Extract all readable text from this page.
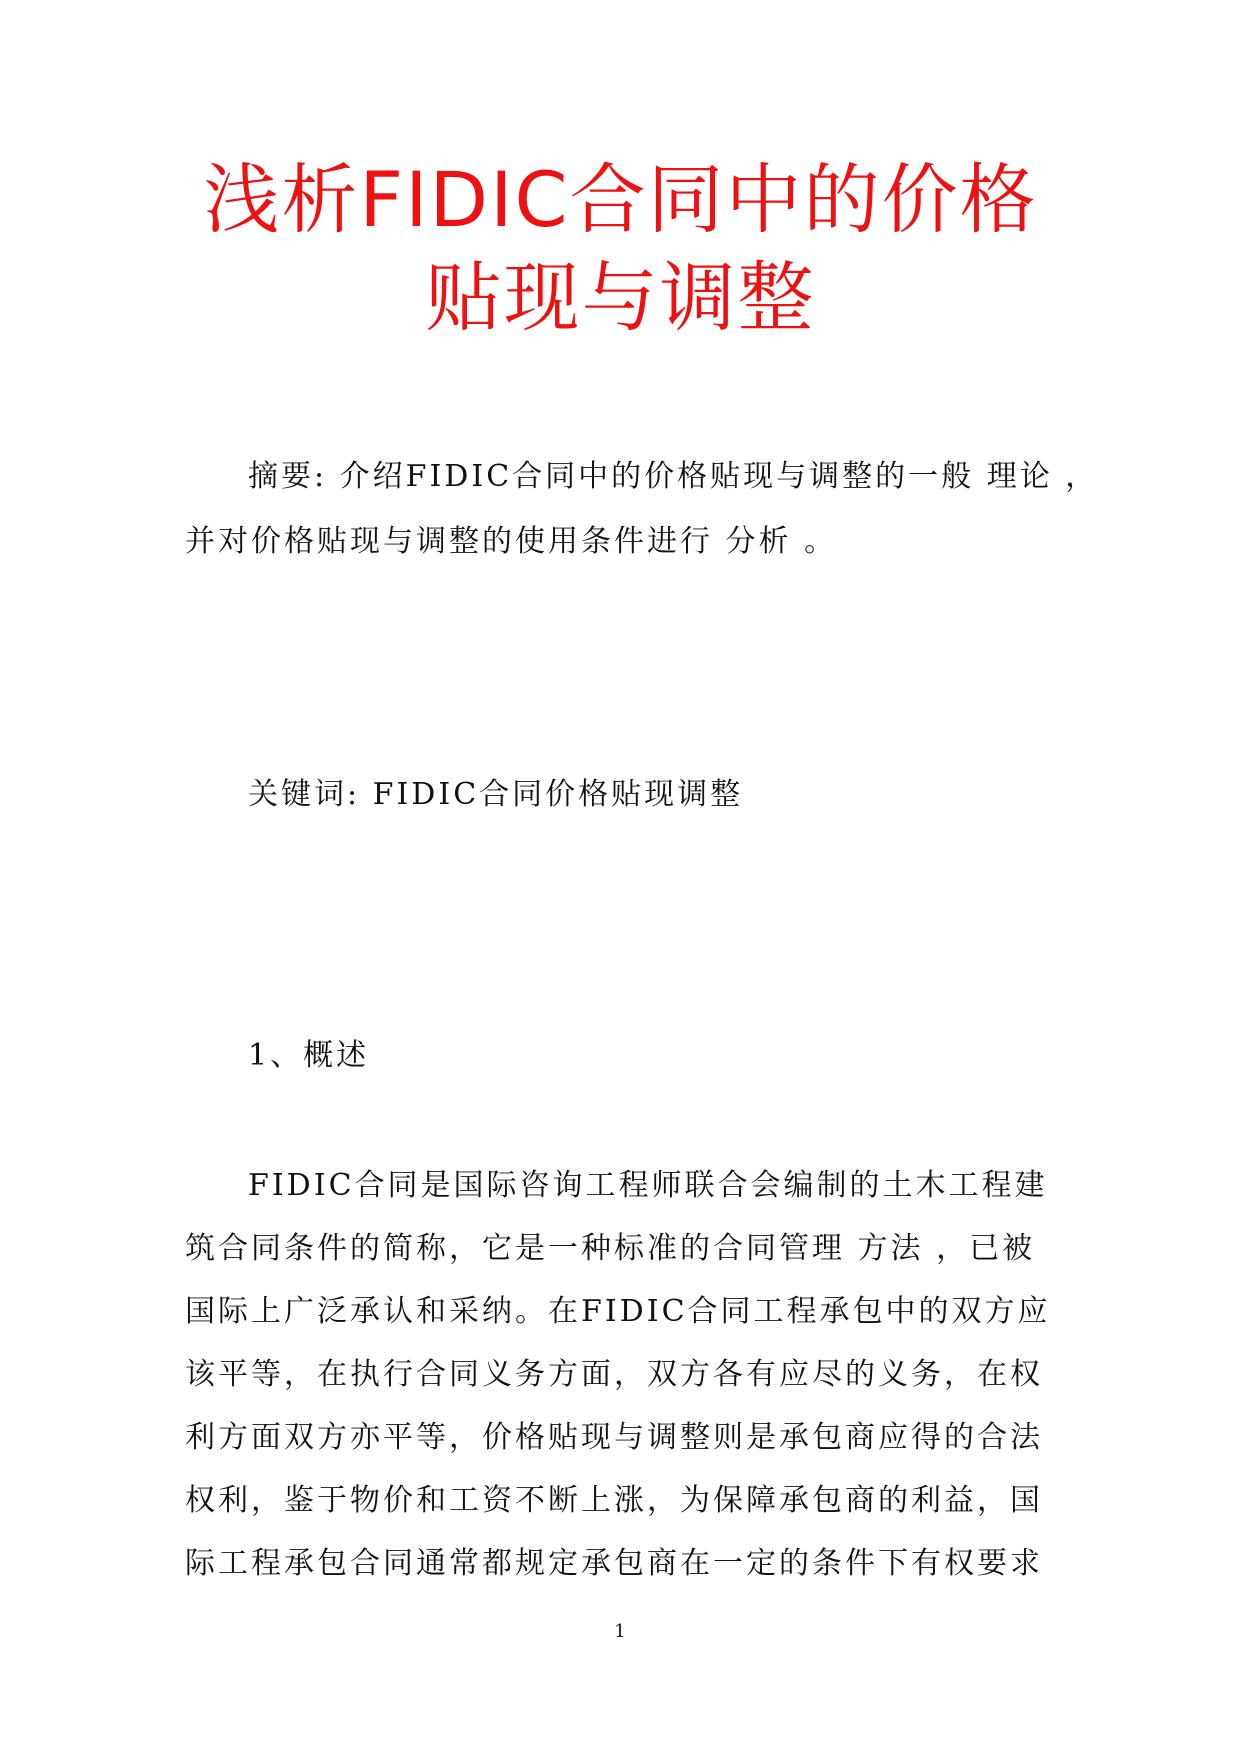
浅析FIDIC合同中的价格
贴现与调整
摘要: 介绍FIDIC合同中的价格贴现与调整的一般 理论 ，
并对价格贴现与调整的使用条件进行 分析 。
关键词: FIDIC合同价格贴现调整
1、概述
FIDIC合同是国际咨询工程师联合会编制的土木工程建
筑合同条件的简称，它是一种标准的合同管理 方法 ，已被
国际上广泛承认和采纳。在FIDIC合同工程承包中的双方应
该平等，在执行合同义务方面，双方各有应尽的义务，在权
利方面双方亦平等，价格贴现与调整则是承包商应得的合法
权利，鉴于物价和工资不断上涨，为保障承包商的利益，国
际工程承包合同通常都规定承包商在一定的条件下有权要求
1
